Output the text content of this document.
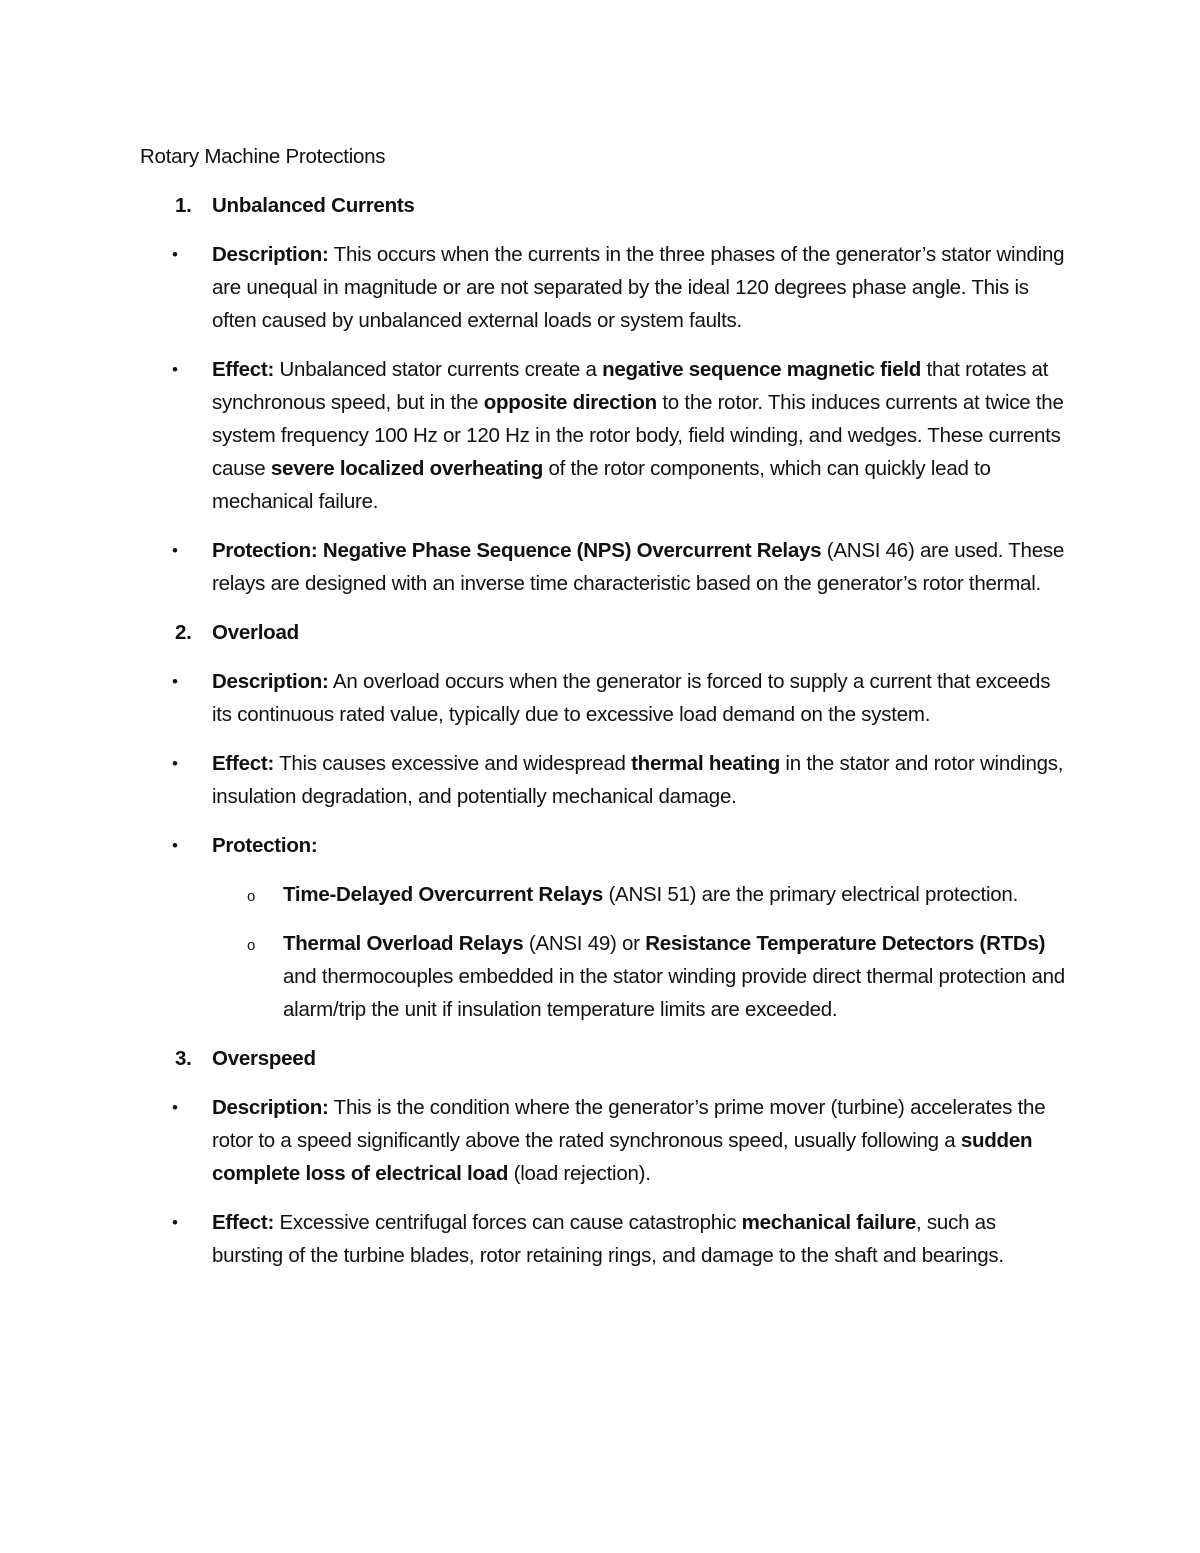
Rotary Machine Protections

1. Unbalanced Currents

• Description: This occurs when the currents in the three phases of the generator’s stator winding are unequal in magnitude or are not separated by the ideal 120 degrees phase angle. This is often caused by unbalanced external loads or system faults.

• Effect: Unbalanced stator currents create a negative sequence magnetic field that rotates at synchronous speed, but in the opposite direction to the rotor. This induces currents at twice the system frequency 100 Hz or 120 Hz in the rotor body, field winding, and wedges. These currents cause severe localized overheating of the rotor components, which can quickly lead to mechanical failure.

• Protection: Negative Phase Sequence (NPS) Overcurrent Relays (ANSI 46) are used. These relays are designed with an inverse time characteristic based on the generator’s rotor thermal.

2. Overload

• Description: An overload occurs when the generator is forced to supply a current that exceeds its continuous rated value, typically due to excessive load demand on the system.

• Effect: This causes excessive and widespread thermal heating in the stator and rotor windings, insulation degradation, and potentially mechanical damage.

• Protection:

o Time-Delayed Overcurrent Relays (ANSI 51) are the primary electrical protection.

o Thermal Overload Relays (ANSI 49) or Resistance Temperature Detectors (RTDs) and thermocouples embedded in the stator winding provide direct thermal protection and alarm/trip the unit if insulation temperature limits are exceeded.

3. Overspeed

• Description: This is the condition where the generator’s prime mover (turbine) accelerates the rotor to a speed significantly above the rated synchronous speed, usually following a sudden complete loss of electrical load (load rejection).

• Effect: Excessive centrifugal forces can cause catastrophic mechanical failure, such as bursting of the turbine blades, rotor retaining rings, and damage to the shaft and bearings.
